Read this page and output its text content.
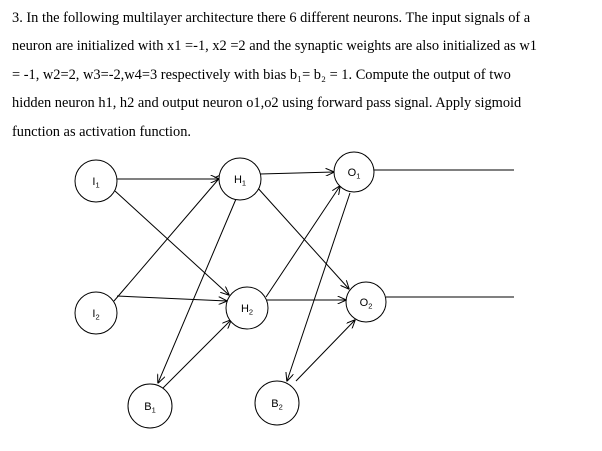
3. In the following multilayer architecture there 6 different neurons. The input signals of a
neuron are initialized with x1 =-1, x2 =2 and the synaptic weights are also initialized as w1
= -1, w2=2, w3=-2,w4=3 respectively with bias b₁= b₂ = 1. Compute the output of two
hidden neuron h1, h2 and output neuron o1,o2 using forward pass signal. Apply sigmoid
function as activation function.
$I_1$
$I_2$
$H_1$
$H_2$
$O_1$
$O_2$
$B_1$	$B_2$
